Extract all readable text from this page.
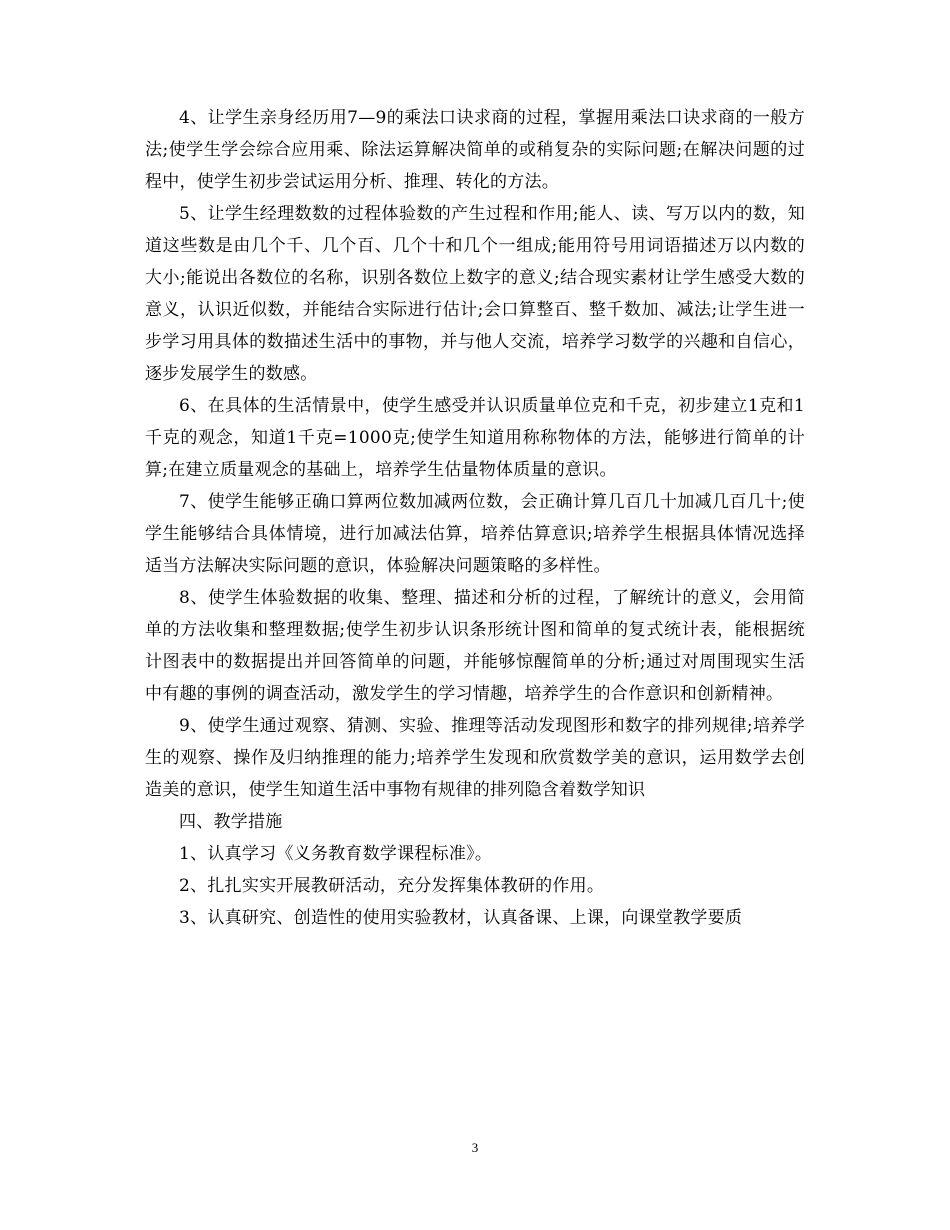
4、让学生亲身经历用7—9的乘法口诀求商的过程，掌握用乘法口诀求商的一般方法;使学生学会综合应用乘、除法运算解决简单的或稍复杂的实际问题;在解决问题的过程中，使学生初步尝试运用分析、推理、转化的方法。

5、让学生经理数数的过程体验数的产生过程和作用;能人、读、写万以内的数，知道这些数是由几个千、几个百、几个十和几个一组成;能用符号用词语描述万以内数的大小;能说出各数位的名称，识别各数位上数字的意义;结合现实素材让学生感受大数的意义，认识近似数，并能结合实际进行估计;会口算整百、整千数加、减法;让学生进一步学习用具体的数描述生活中的事物，并与他人交流，培养学习数学的兴趣和自信心，逐步发展学生的数感。

6、在具体的生活情景中，使学生感受并认识质量单位克和千克，初步建立1克和1千克的观念，知道1千克=1000克;使学生知道用称称物体的方法，能够进行简单的计算;在建立质量观念的基础上，培养学生估量物体质量的意识。

7、使学生能够正确口算两位数加减两位数，会正确计算几百几十加减几百几十;使学生能够结合具体情境，进行加减法估算，培养估算意识;培养学生根据具体情况选择适当方法解决实际问题的意识，体验解决问题策略的多样性。

8、使学生体验数据的收集、整理、描述和分析的过程，了解统计的意义，会用简单的方法收集和整理数据;使学生初步认识条形统计图和简单的复式统计表，能根据统计图表中的数据提出并回答简单的问题，并能够惊醒简单的分析;通过对周围现实生活中有趣的事例的调查活动，激发学生的学习情趣，培养学生的合作意识和创新精神。

9、使学生通过观察、猜测、实验、推理等活动发现图形和数字的排列规律;培养学生的观察、操作及归纳推理的能力;培养学生发现和欣赏数学美的意识，运用数学去创造美的意识，使学生知道生活中事物有规律的排列隐含着数学知识

四、教学措施

1、认真学习《义务教育数学课程标准》。

2、扎扎实实开展教研活动，充分发挥集体教研的作用。

3、认真研究、创造性的使用实验教材，认真备课、上课，向课堂教学要质

3
